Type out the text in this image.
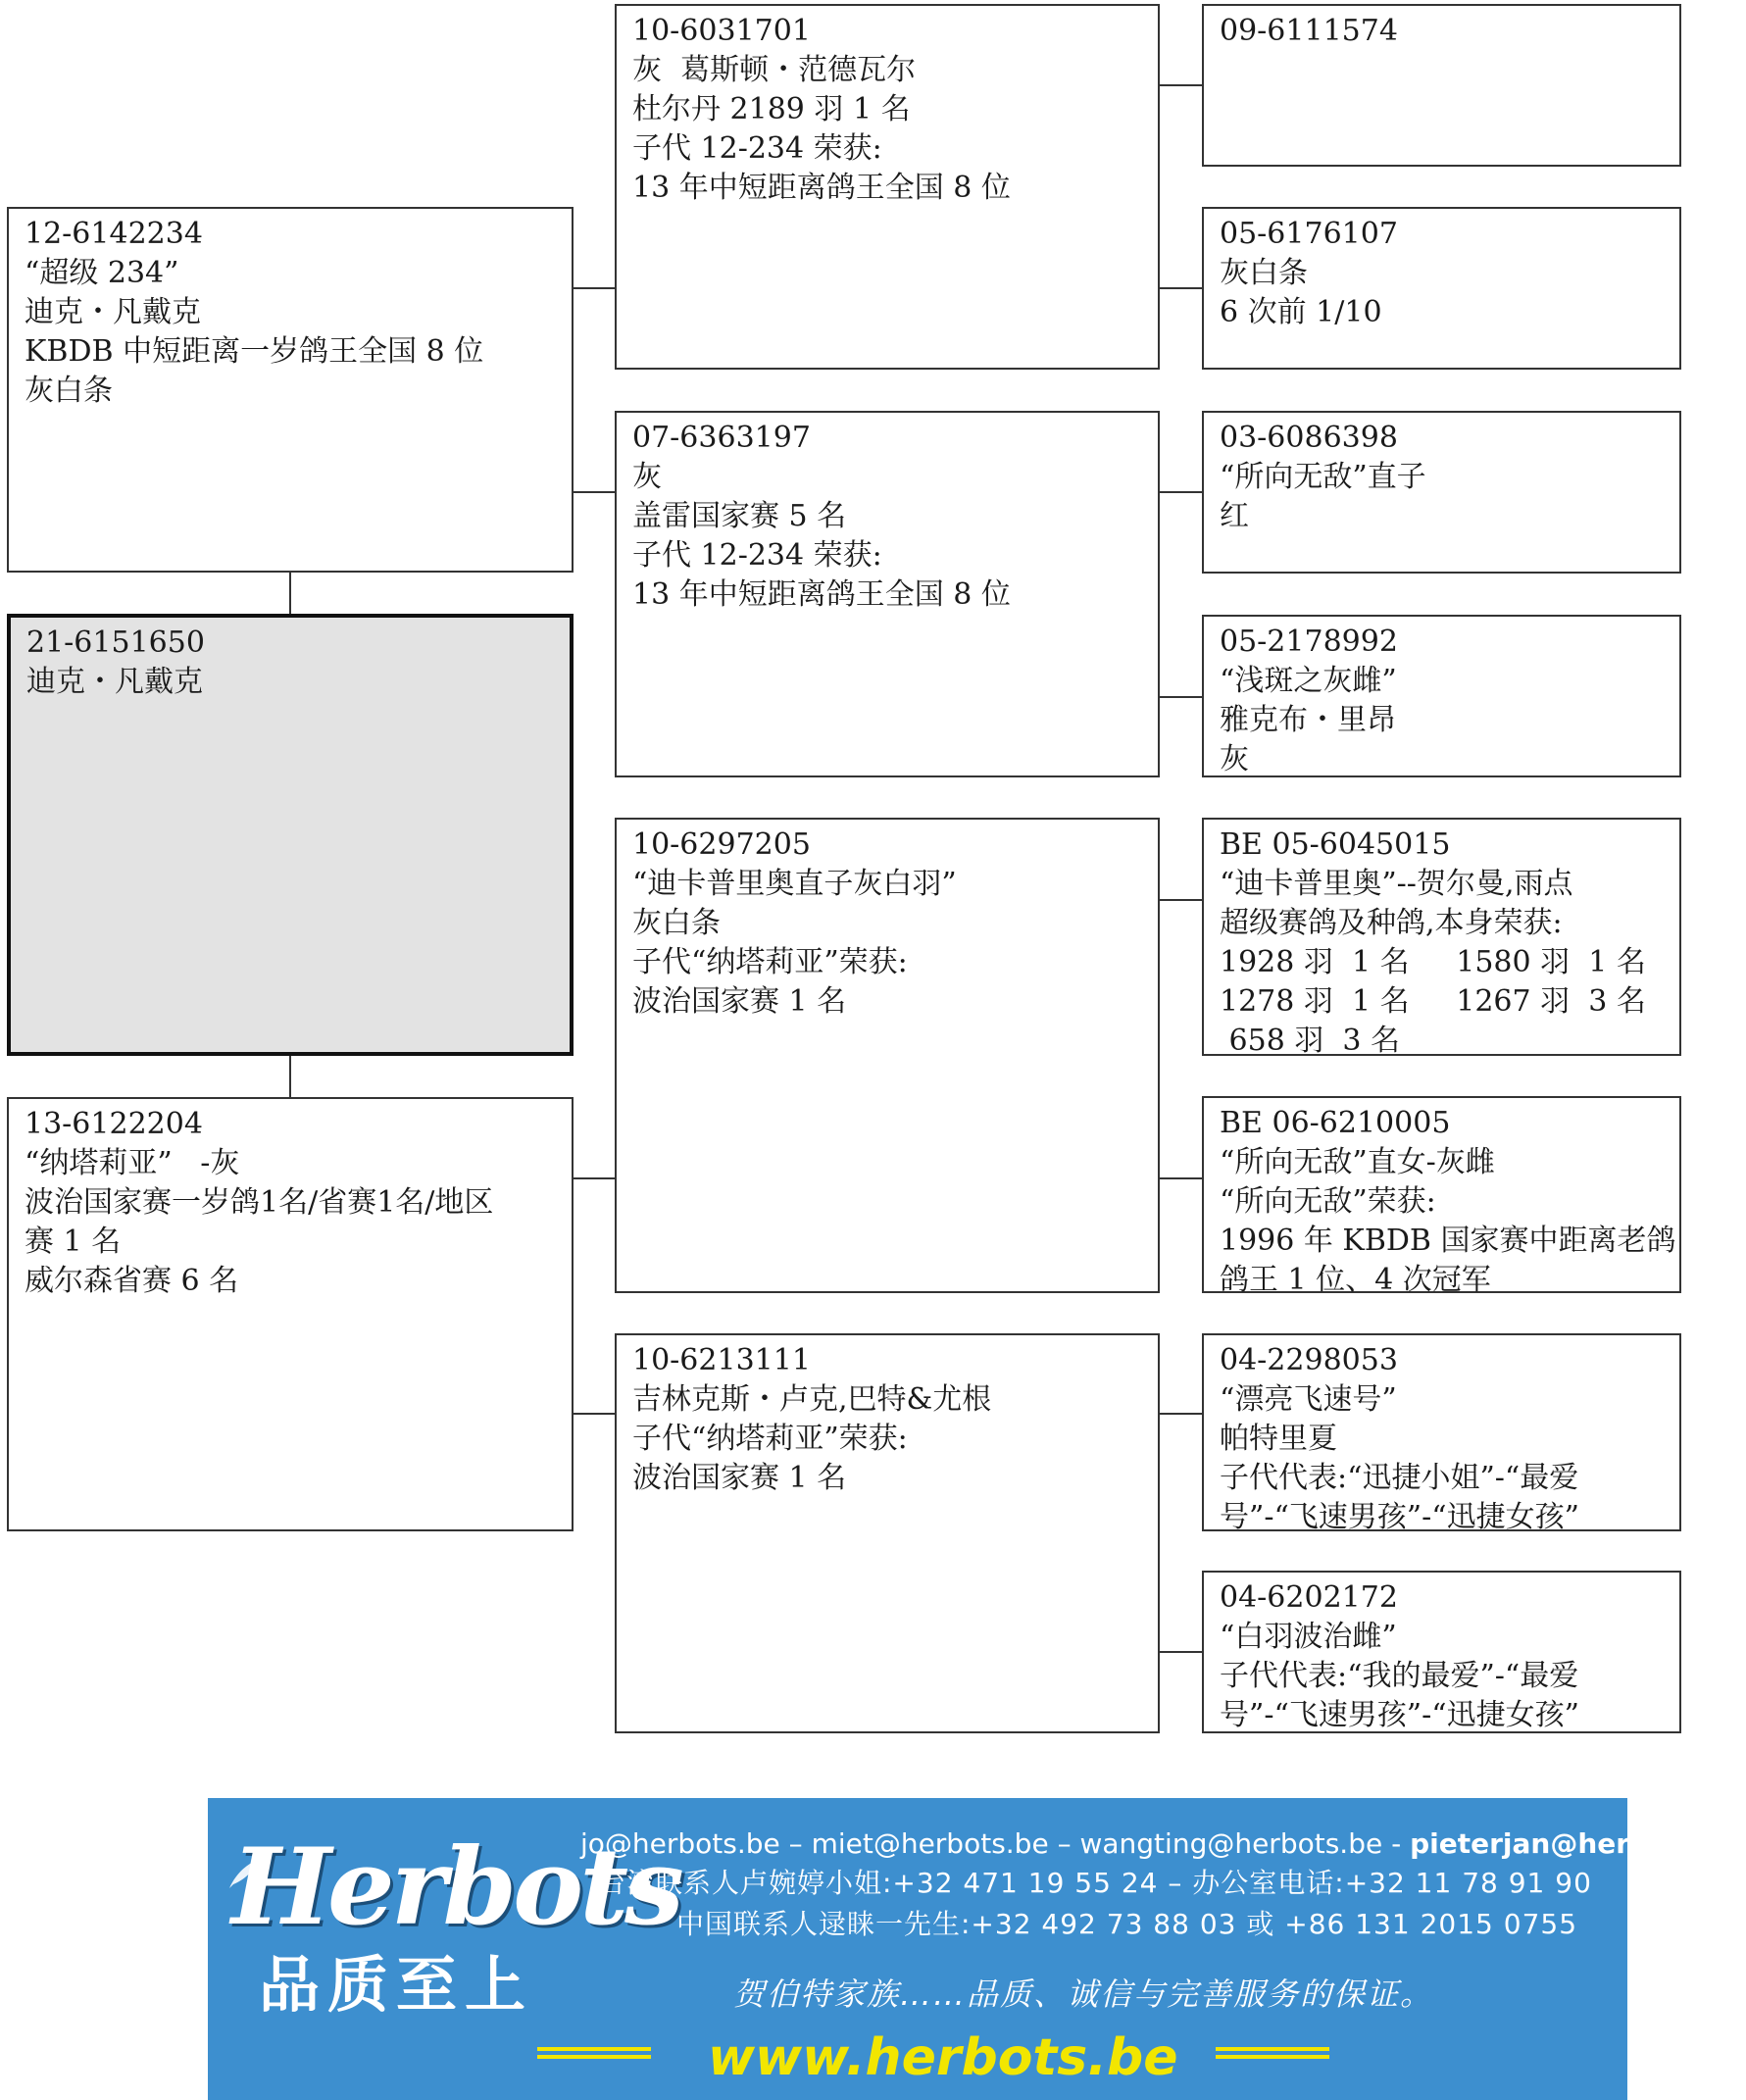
12-6142234
“超级 234”
迪克・凡戴克
KBDB 中短距离一岁鸽王全国 8 位
灰白条
21-6151650
迪克・凡戴克
13-6122204
“纳塔莉亚”   -灰
波治国家赛一岁鸽1名/省赛1名/地区
赛 1 名
威尔森省赛 6 名
10-6031701
灰  葛斯顿・范德瓦尔
杜尔丹 2189 羽 1 名
子代 12-234 荣获:
13 年中短距离鸽王全国 8 位
07-6363197
灰
盖雷国家赛 5 名
子代 12-234 荣获:
13 年中短距离鸽王全国 8 位
10-6297205
“迪卡普里奥直子灰白羽”
灰白条
子代“纳塔莉亚”荣获:
波治国家赛 1 名
10-6213111
吉林克斯・卢克,巴特&尤根
子代“纳塔莉亚”荣获:
波治国家赛 1 名
09-6111574
05-6176107
灰白条
6 次前 1/10
03-6086398
“所向无敌”直子
红
05-2178992
“浅斑之灰雌”
雅克布・里昂
灰
BE 05-6045015
“迪卡普里奥”--贺尔曼,雨点
超级赛鸽及种鸽,本身荣获:
1928 羽  1 名     1580 羽  1 名
1278 羽  1 名     1267 羽  3 名
658 羽  3 名
BE 06-6210005
“所向无敌”直女-灰雌
“所向无敌”荣获:
1996 年 KBDB 国家赛中距离老鸽
鸽王 1 位、4 次冠军
04-2298053
“漂亮飞速号”
帕特里夏
子代代表:“迅捷小姐”-“最爱
号”-“飞速男孩”-“迅捷女孩”
04-6202172
“白羽波治雌”
子代代表:“我的最爱”-“最爱
号”-“飞速男孩”-“迅捷女孩”
Herbots
品质至上
jo@herbots.be – miet@herbots.be – wangting@herbots.be - pieterjan@herbots.be
台湾联系人卢婉婷小姐:+32 471 19 55 24 – 办公室电话:+32 11 78 91 90
中国联系人逯睐一先生:+32 492 73 88 03 或 +86 131 2015 0755
贺伯特家族……品质、诚信与完善服务的保证。
www.herbots.be
